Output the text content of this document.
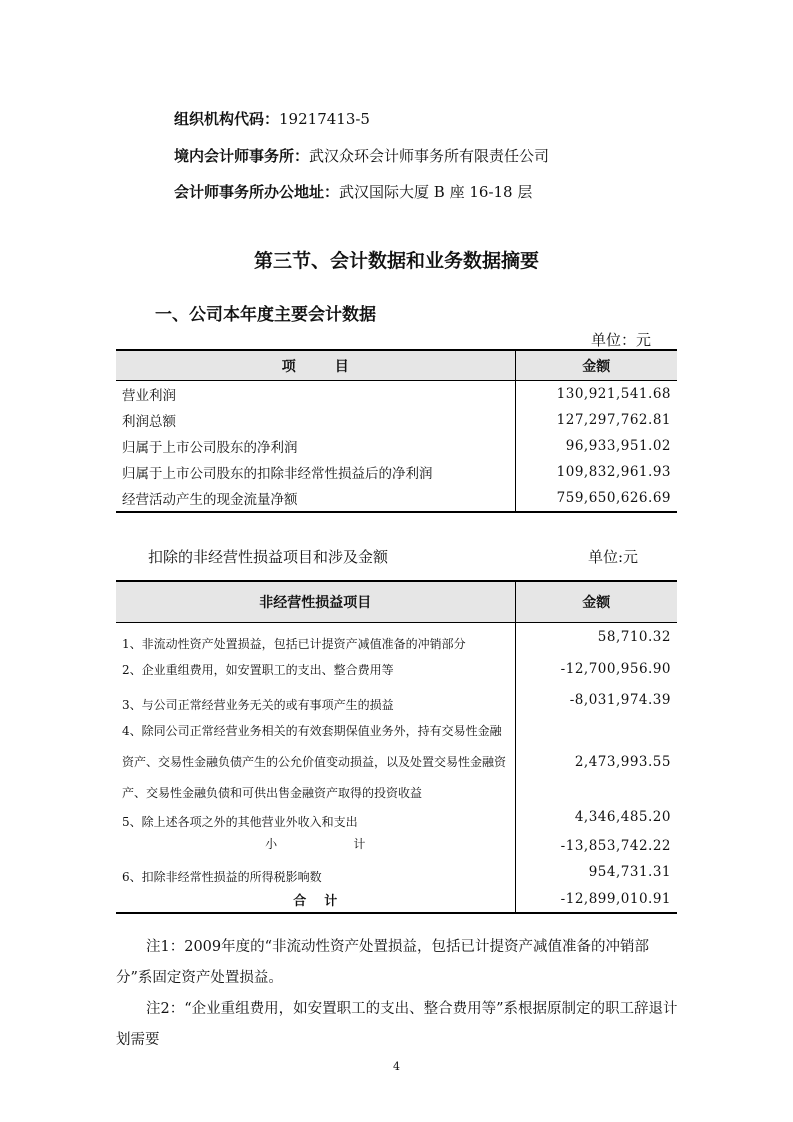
组织机构代码：19217413-5
境内会计师事务所：武汉众环会计师事务所有限责任公司
会计师事务所办公地址：武汉国际大厦 B 座 16-18 层
第三节、会计数据和业务数据摘要
一、公司本年度主要会计数据
单位：元
项        目	金额
营业利润	130,921,541.68
利润总额	127,297,762.81
归属于上市公司股东的净利润	96,933,951.02
归属于上市公司股东的扣除非经常性损益后的净利润	109,832,961.93
经营活动产生的现金流量净额	759,650,626.69
扣除的非经营性损益项目和涉及金额	单位:元
非经营性损益项目	金额
1、非流动性资产处置损益，包括已计提资产减值准备的冲销部分	58,710.32
2、企业重组费用，如安置职工的支出、整合费用等	-12,700,956.90
3、与公司正常经营业务无关的或有事项产生的损益	-8,031,974.39

4、除同公司正常经营业务相关的有效套期保值业务外，持有交易性金融
资产、交易性金融负债产生的公允价值变动损益，以及处置交易性金融资
产、交易性金融负债和可供出售金融资产取得的投资收益	2,473,993.55
5、除上述各项之外的其他营业外收入和支出	4,346,485.20
小                    计	-13,853,742.22
6、扣除非经常性损益的所得税影响数	954,731.31
合    计	-12,899,010.91
注1：2009年度的“非流动性资产处置损益，包括已计提资产减值准备的冲销部分”系固定资产处置损益。
注2：“企业重组费用，如安置职工的支出、整合费用等”系根据原制定的职工辞退计划需要
4
